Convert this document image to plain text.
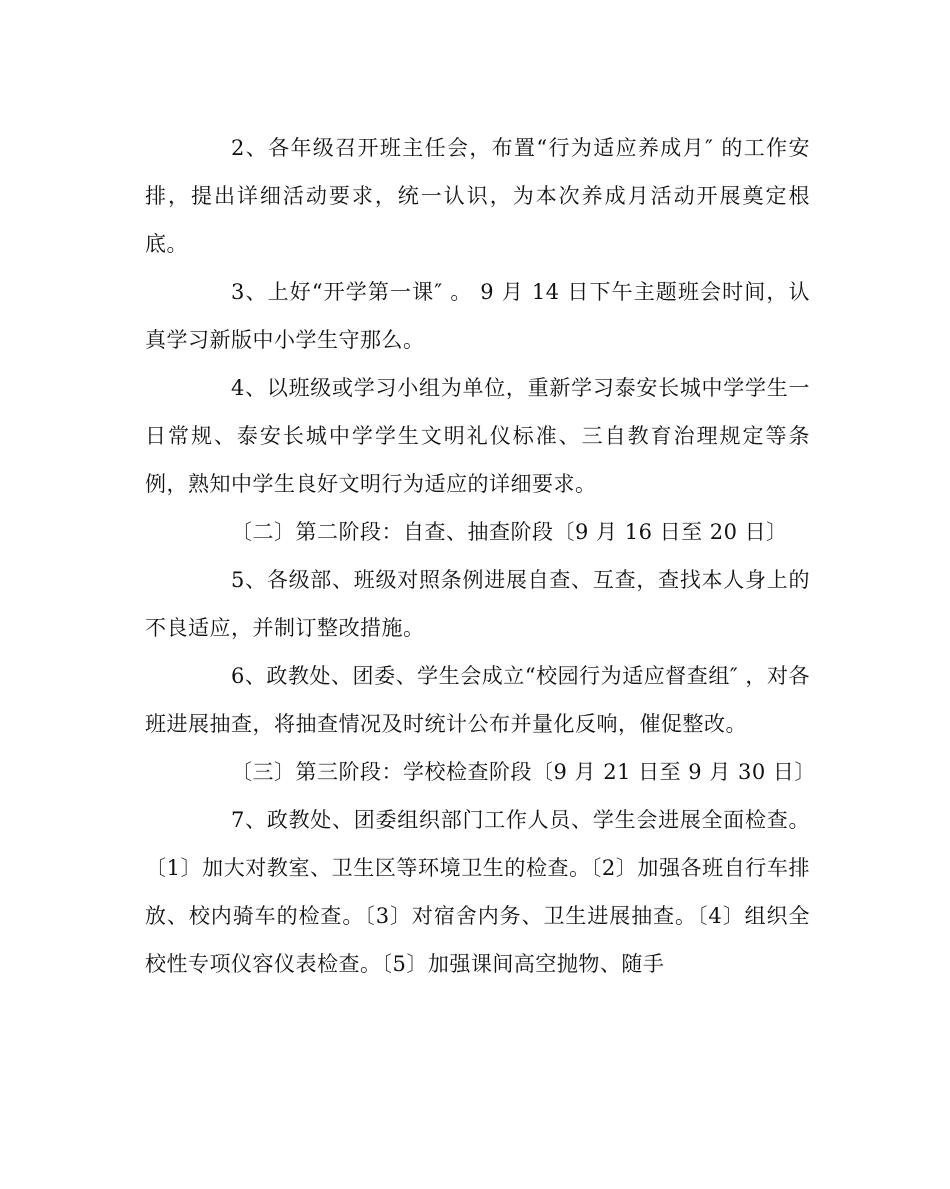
2、各年级召开班主任会，布置“行为适应养成月″ 的工作安排，提出详细活动要求，统一认识，为本次养成月活动开展奠定根底。

3、上好“开学第一课″ 。 9 月 14 日下午主题班会时间，认真学习新版中小学生守那么。

4、以班级或学习小组为单位，重新学习泰安长城中学学生一日常规、泰安长城中学学生文明礼仪标准、三自教育治理规定等条例，熟知中学生良好文明行为适应的详细要求。

〔二〕第二阶段：自查、抽查阶段〔9 月 16 日至 20 日〕

5、各级部、班级对照条例进展自查、互查，查找本人身上的不良适应，并制订整改措施。

6、政教处、团委、学生会成立“校园行为适应督查组″ ，对各班进展抽查，将抽查情况及时统计公布并量化反响，催促整改。

〔三〕第三阶段：学校检查阶段〔9 月 21 日至 9 月 30 日〕

7、政教处、团委组织部门工作人员、学生会进展全面检查。〔1〕加大对教室、卫生区等环境卫生的检查。〔2〕加强各班自行车排放、校内骑车的检查。〔3〕对宿舍内务、卫生进展抽查。〔4〕组织全校性专项仪容仪表检查。〔5〕加强课间高空抛物、随手
